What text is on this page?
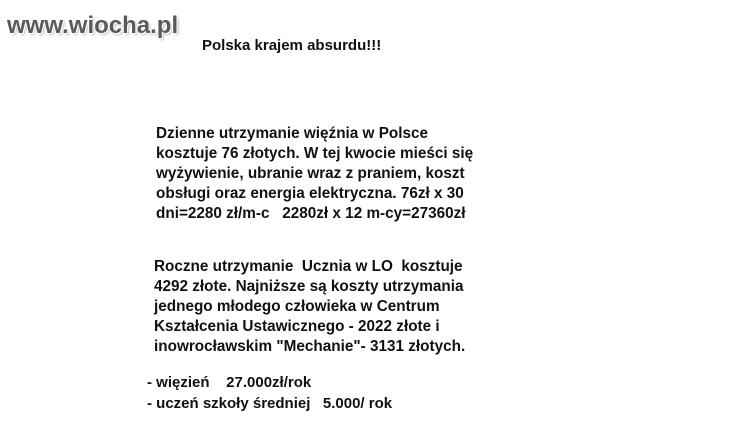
www.wiocha.pl
Polska krajem absurdu!!!
Dzienne utrzymanie więźnia w Polsce
kosztuje 76 złotych. W tej kwocie mieści się
wyżywienie, ubranie wraz z praniem, koszt
obsługi oraz energia elektryczna. 76zł x 30
dni=2280 zł/m-c   2280zł x 12 m-cy=27360zł
Roczne utrzymanie  Ucznia w LO  kosztuje
4292 złote. Najniższe są koszty utrzymania
jednego młodego człowieka w Centrum
Kształcenia Ustawicznego - 2022 złote i
inowrocławskim "Mechanie"- 3131 złotych.
- więzień    27.000zł/rok
- uczeń szkoły średniej   5.000/ rok
